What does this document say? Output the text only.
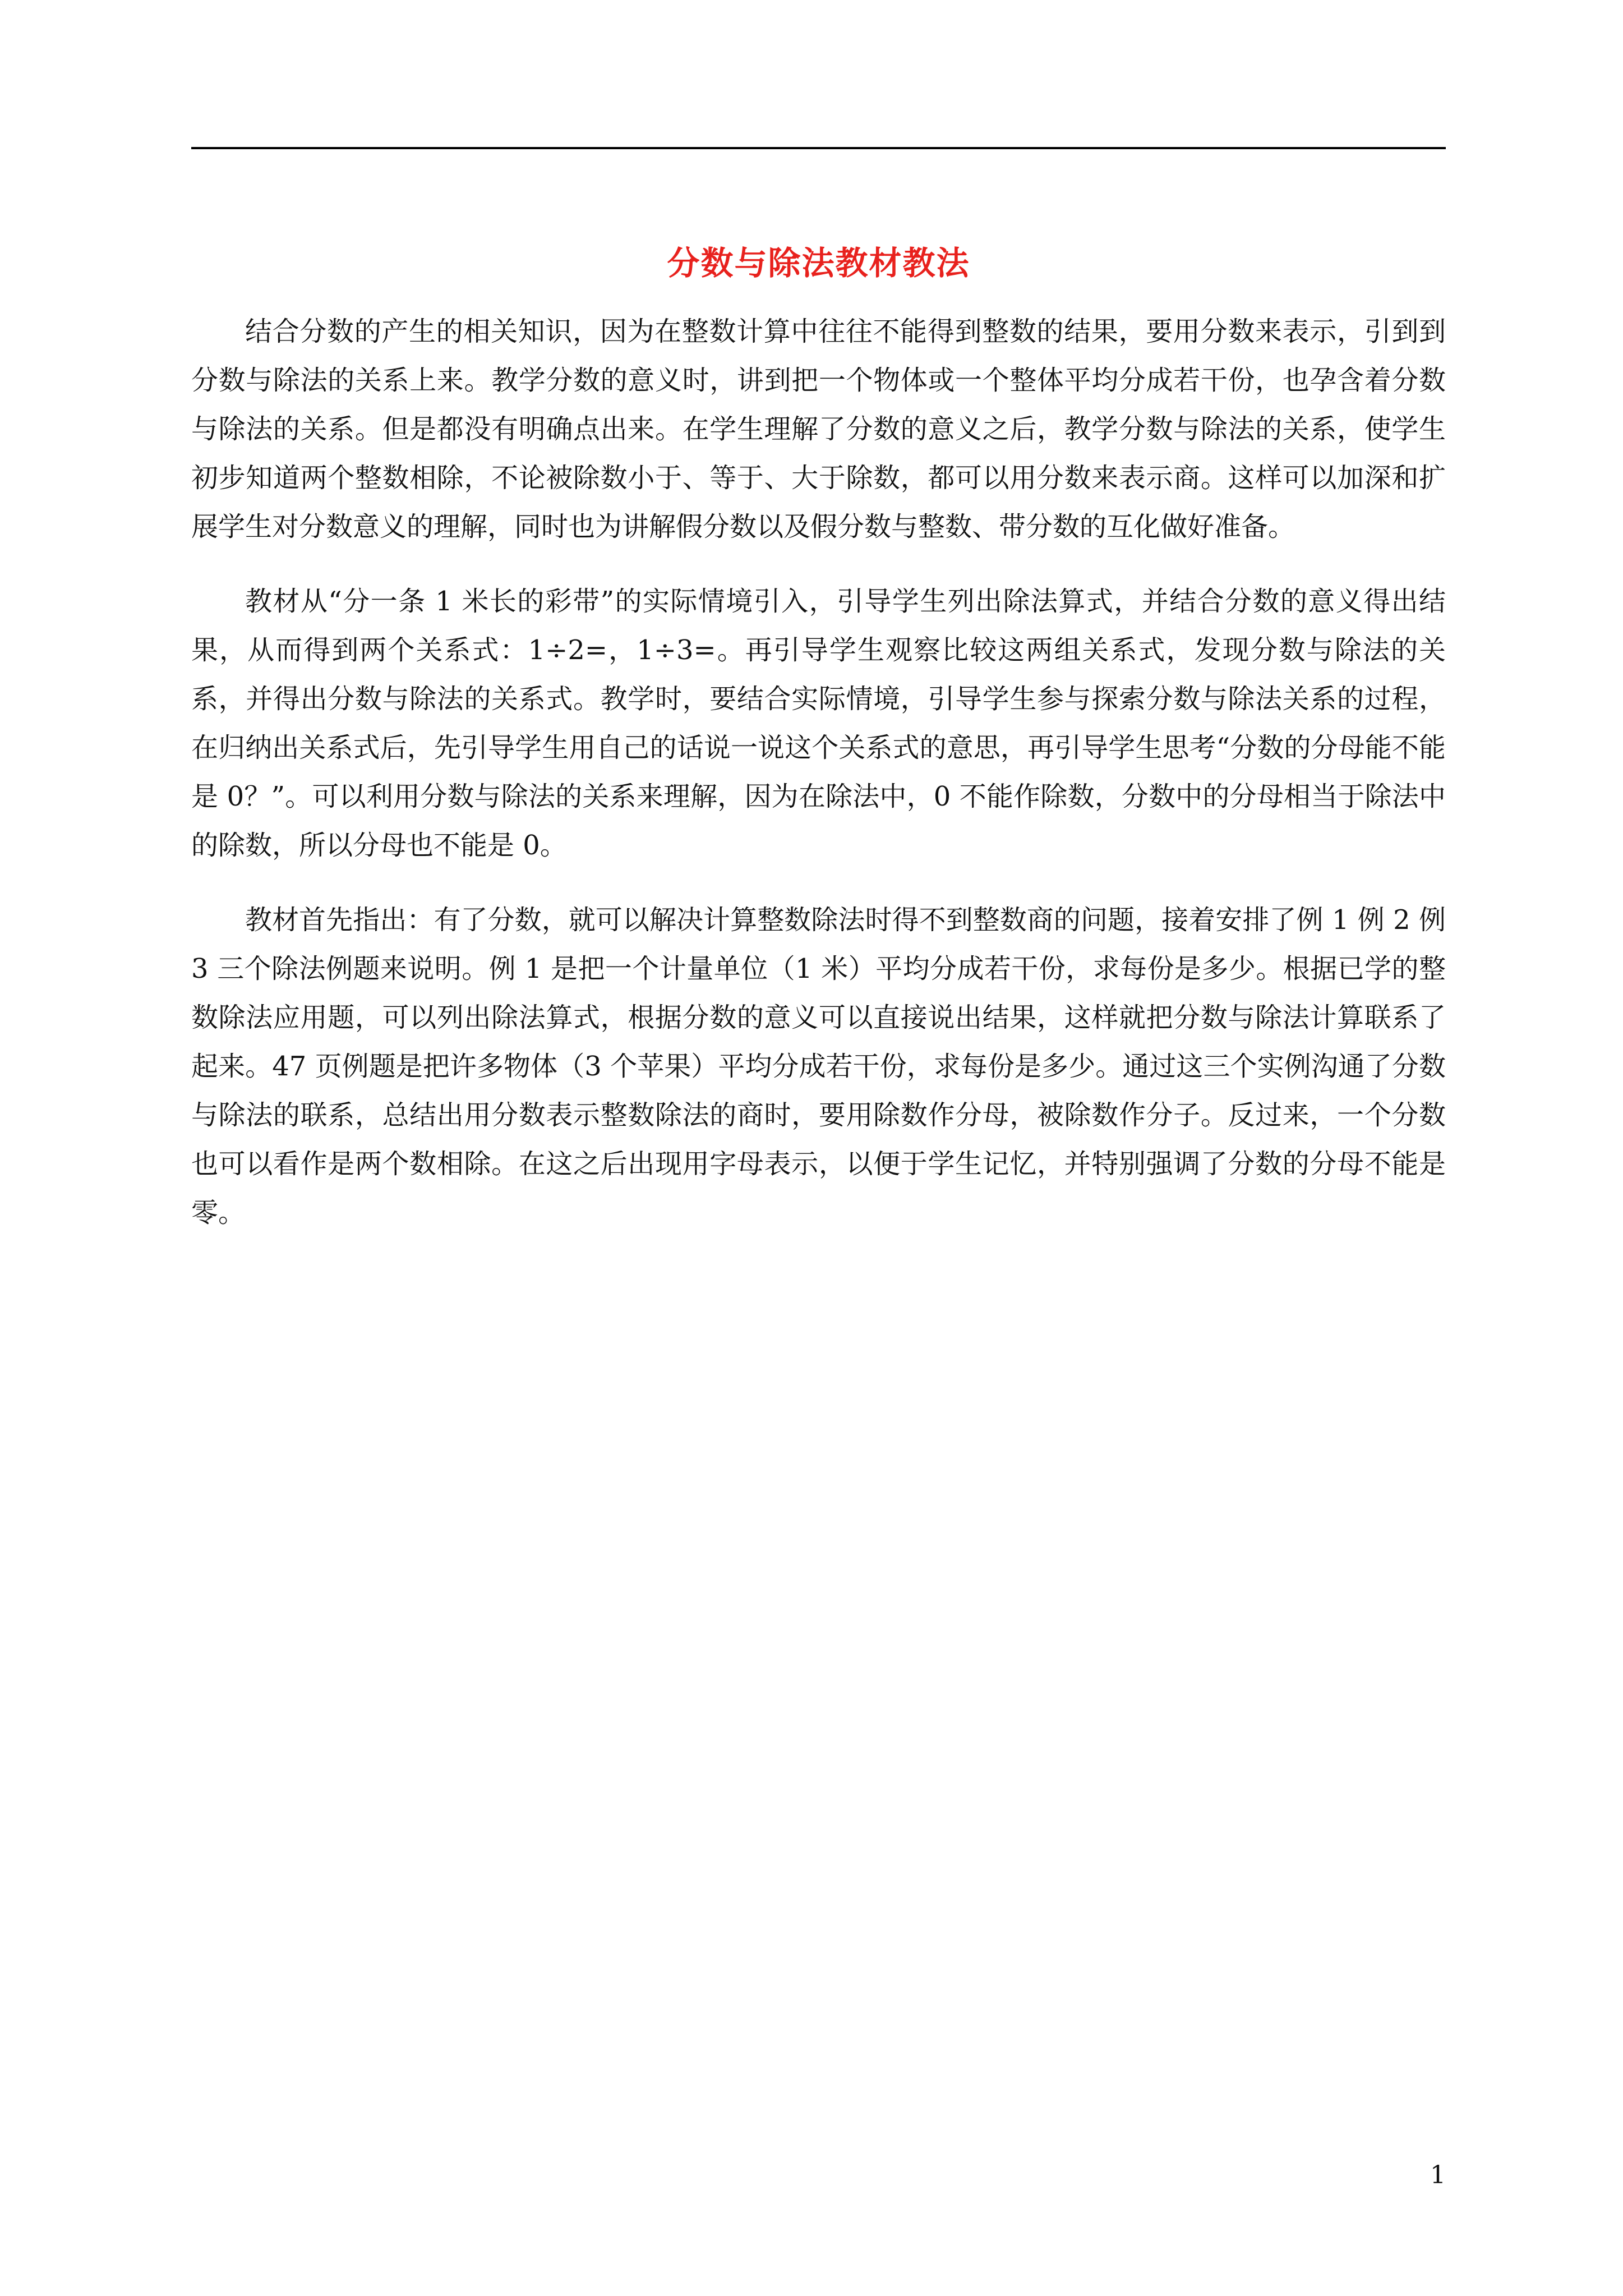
分数与除法教材教法

结合分数的产生的相关知识，因为在整数计算中往往不能得到整数的结果，要用分数来表示，引到到分数与除法的关系上来。教学分数的意义时，讲到把一个物体或一个整体平均分成若干份，也孕含着分数与除法的关系。但是都没有明确点出来。在学生理解了分数的意义之后，教学分数与除法的关系，使学生初步知道两个整数相除，不论被除数小于、等于、大于除数，都可以用分数来表示商。这样可以加深和扩展学生对分数意义的理解，同时也为讲解假分数以及假分数与整数、带分数的互化做好准备。

教材从“分一条 1 米长的彩带”的实际情境引入，引导学生列出除法算式，并结合分数的意义得出结果，从而得到两个关系式：1÷2=，1÷3=。再引导学生观察比较这两组关系式，发现分数与除法的关系，并得出分数与除法的关系式。教学时，要结合实际情境，引导学生参与探索分数与除法关系的过程，在归纳出关系式后，先引导学生用自己的话说一说这个关系式的意思，再引导学生思考“分数的分母能不能是 0？”。可以利用分数与除法的关系来理解，因为在除法中，0 不能作除数，分数中的分母相当于除法中的除数，所以分母也不能是 0。

教材首先指出：有了分数，就可以解决计算整数除法时得不到整数商的问题，接着安排了例 1 例 2 例 3 三个除法例题来说明。例 1 是把一个计量单位（1 米）平均分成若干份，求每份是多少。根据已学的整数除法应用题，可以列出除法算式，根据分数的意义可以直接说出结果，这样就把分数与除法计算联系了起来。47 页例题是把许多物体（3 个苹果）平均分成若干份，求每份是多少。通过这三个实例沟通了分数与除法的联系，总结出用分数表示整数除法的商时，要用除数作分母，被除数作分子。反过来，一个分数也可以看作是两个数相除。在这之后出现用字母表示，以便于学生记忆，并特别强调了分数的分母不能是零。

1
